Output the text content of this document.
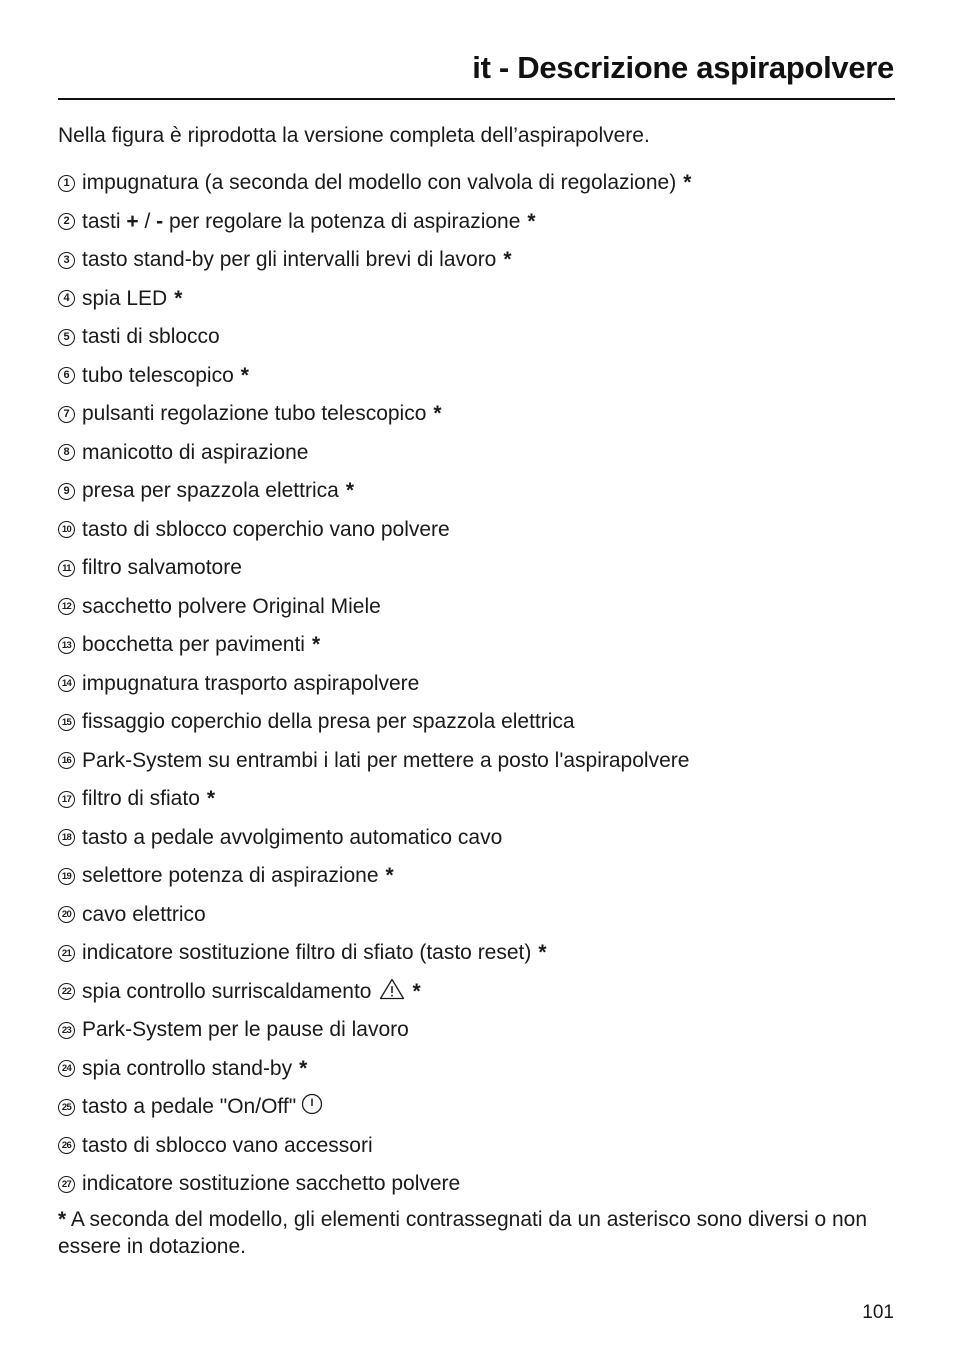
it - Descrizione aspirapolvere
Nella figura è riprodotta la versione completa dell’aspirapolvere.
1 impugnatura (a seconda del modello con valvola di regolazione) *
2 tasti
+
/
-
per regolare la potenza di aspirazione *
3 tasto stand-by per gli intervalli brevi di lavoro *
4 spia LED *
5 tasti di sblocco
6 tubo telescopico *
7 pulsanti regolazione tubo telescopico *
8 manicotto di aspirazione
9 presa per spazzola elettrica *
10 tasto di sblocco coperchio vano polvere
11 filtro salvamotore
12 sacchetto polvere Original Miele
13 bocchetta per pavimenti *
14 impugnatura trasporto aspirapolvere
15 fissaggio coperchio della presa per spazzola elettrica
16 Park-System su entrambi i lati per mettere a posto l'aspirapolvere
17 filtro di sfiato *
18 tasto a pedale avvolgimento automatico cavo
19 selettore potenza di aspirazione *
20 cavo elettrico
21 indicatore sostituzione filtro di sfiato (tasto reset) *
22 spia controllo surriscaldamento *
23 Park-System per le pause di lavoro
24 spia controllo stand-by *
25 tasto a pedale "On/Off"
26 tasto di sblocco vano accessori
27 indicatore sostituzione sacchetto polvere
* A seconda del modello, gli elementi contrassegnati da un asterisco sono diversi o non essere in dotazione.
101
